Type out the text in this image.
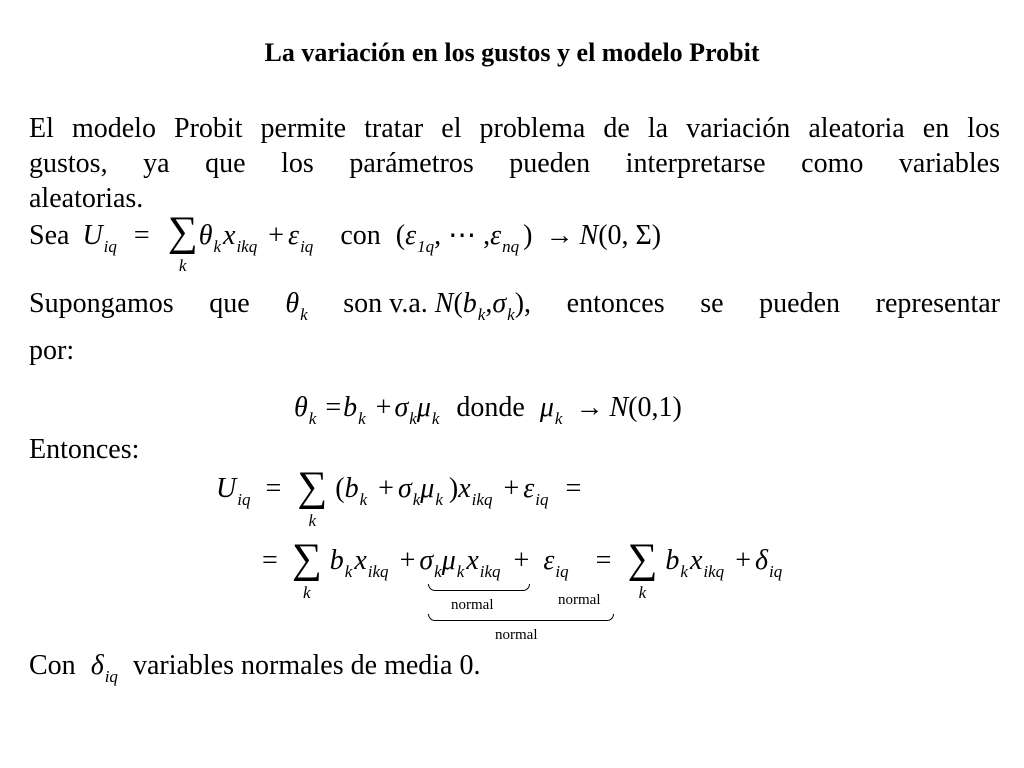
La variación en los gustos y el modelo Probit
El modelo Probit permite tratar el problema de la variación aleatoria en los
gustos, ya que los parámetros pueden interpretarse como variables
aleatorias.
Sea $U_{iq}$ = ∑
k
$\theta_kx_{ikq} + \varepsilon_{iq}$ con ($\varepsilon_{1q}$, ⋯ $,\varepsilon_{nq}$ ) → N(0, Σ)
Supongamos que $\theta_k$ son v.a. $N(b_k,\sigma_k)$, entonces se pueden representar
por:
$\theta_k =b_k + \sigma_k\mu_k$ donde $\mu_k \to N(0,1)$
Entonces:
$U_{iq}$ = ∑
k
($b_k + \sigma_k\mu_k$ )$x_{ikq} + \varepsilon_{iq}$ =
= ∑
k
$b_kx_{ikq} + \sigma_k\mu_kx_{ikq} + \varepsilon_{iq}$ = ∑
k
$b_kx_{ikq} + \delta_{iq}$
normal	normal
normal
Con $\delta_{iq}$ variables normales de media 0.
